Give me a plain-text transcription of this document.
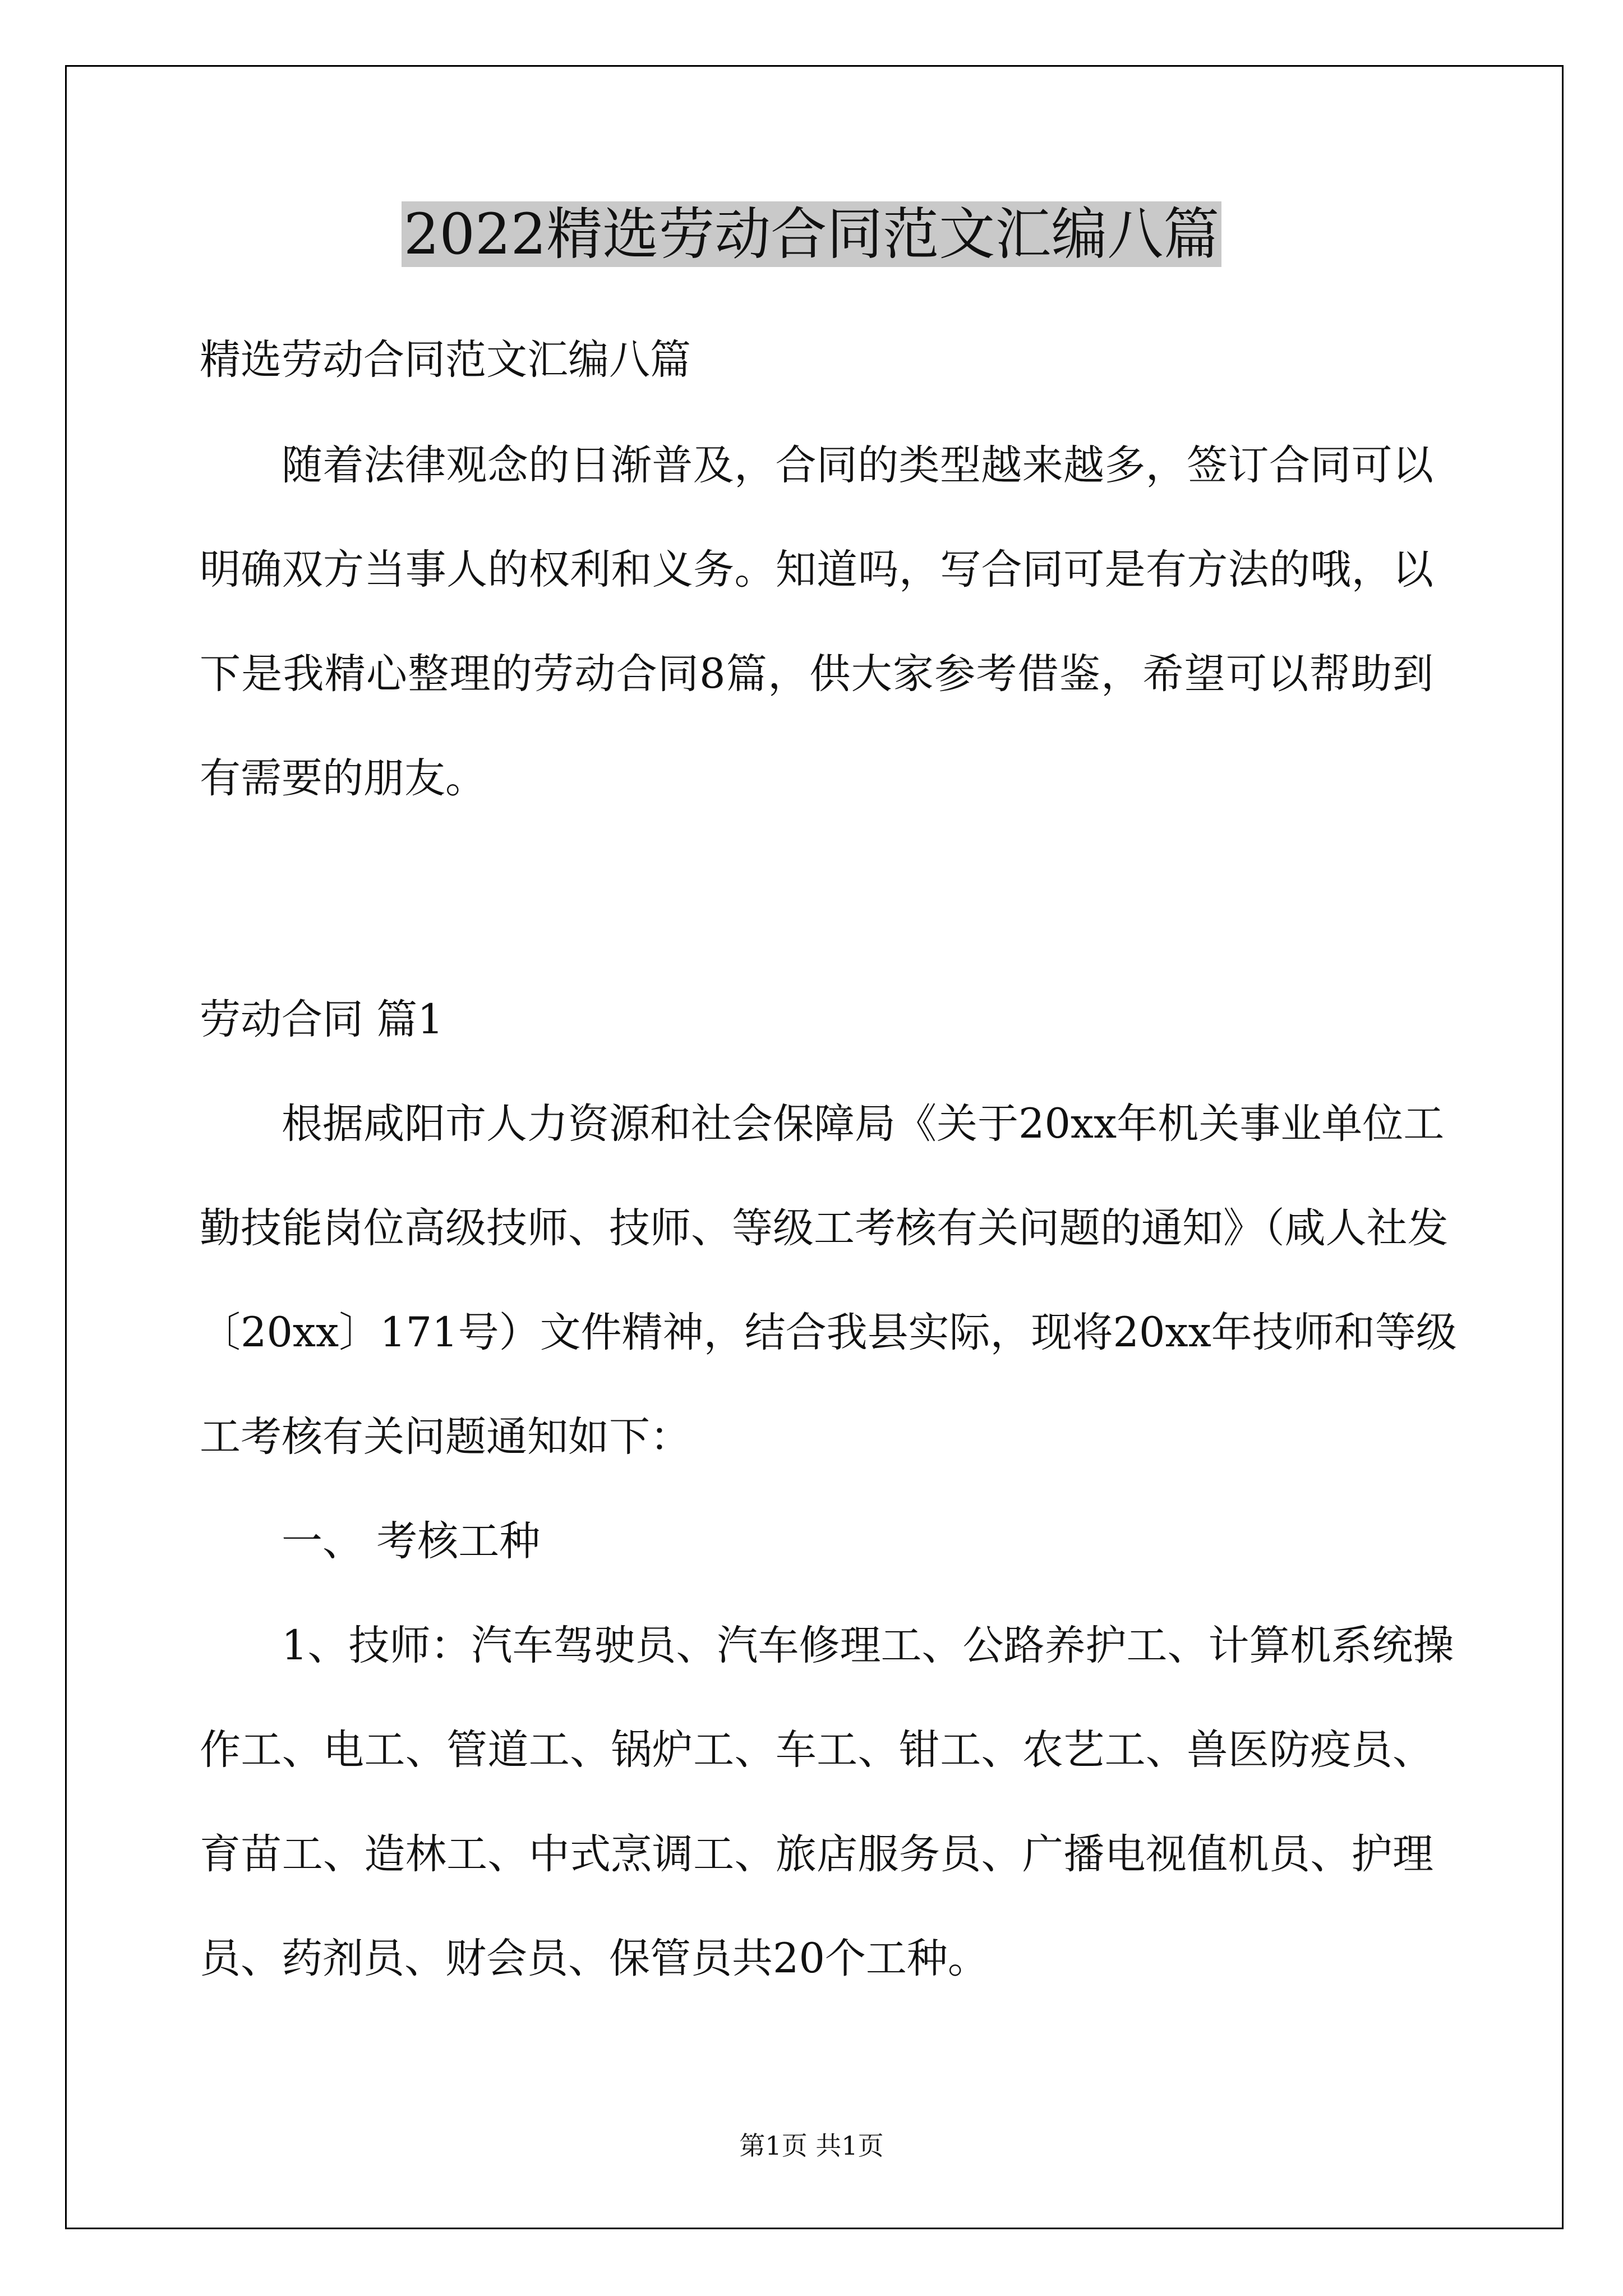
2022精选劳动合同范文汇编八篇

精选劳动合同范文汇编八篇

随着法律观念的日渐普及，合同的类型越来越多，签订合同可以

明确双方当事人的权利和义务。知道吗，写合同可是有方法的哦，以

下是我精心整理的劳动合同8篇，供大家参考借鉴，希望可以帮助到

有需要的朋友。

劳动合同 篇1

根据咸阳市人力资源和社会保障局《关于20xx年机关事业单位工

勤技能岗位高级技师、技师、等级工考核有关问题的通知》（咸人社发

〔20xx〕171号）文件精神，结合我县实际，现将20xx年技师和等级

工考核有关问题通知如下：

一、 考核工种

1、技师：汽车驾驶员、汽车修理工、公路养护工、计算机系统操

作工、电工、管道工、锅炉工、车工、钳工、农艺工、兽医防疫员、

育苗工、造林工、中式烹调工、旅店服务员、广播电视值机员、护理

员、药剂员、财会员、保管员共20个工种。

第1页 共1页
